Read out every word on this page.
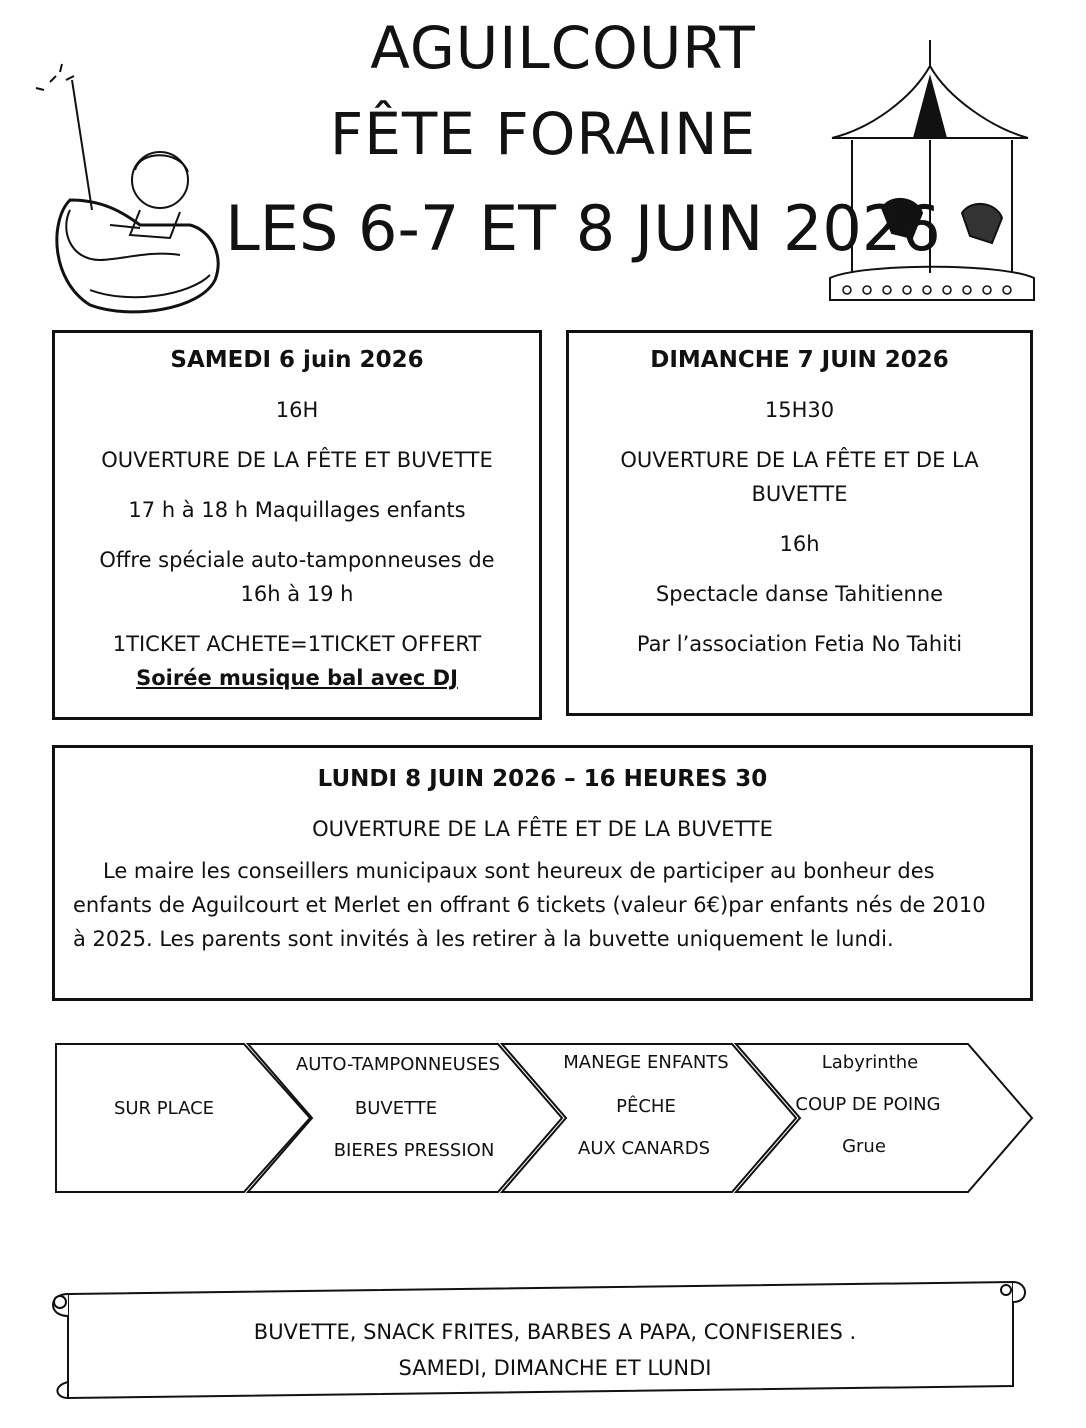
AGUILCOURT
FÊTE FORAINE
LES 6-7 ET 8 JUIN 2026
SAMEDI 6 juin 2026
16H
OUVERTURE DE LA FÊTE ET BUVETTE
17 h à 18 h Maquillages enfants
Offre spéciale auto-tamponneuses de
16h à 19 h
1TICKET ACHETE=1TICKET OFFERT
Soirée musique bal avec DJ
DIMANCHE 7 JUIN 2026
15H30
OUVERTURE DE LA FÊTE ET DE LA
BUVETTE
16h
Spectacle danse Tahitienne
Par l’association Fetia No Tahiti
LUNDI 8 JUIN 2026 – 16 HEURES 30
OUVERTURE DE LA FÊTE ET DE LA BUVETTE
Le maire les conseillers municipaux sont heureux de participer au bonheur des
enfants de Aguilcourt et Merlet en offrant 6 tickets (valeur 6€)par enfants nés de 2010
à 2025. Les parents sont invités à les retirer à la buvette uniquement le lundi.
SUR PLACE
AUTO-TAMPONNEUSES
BUVETTE
BIERES PRESSION
MANEGE ENFANTS
PÊCHE
AUX CANARDS
Labyrinthe
COUP DE POING
Grue
BUVETTE, SNACK FRITES, BARBES A PAPA, CONFISERIES .
SAMEDI, DIMANCHE ET LUNDI
